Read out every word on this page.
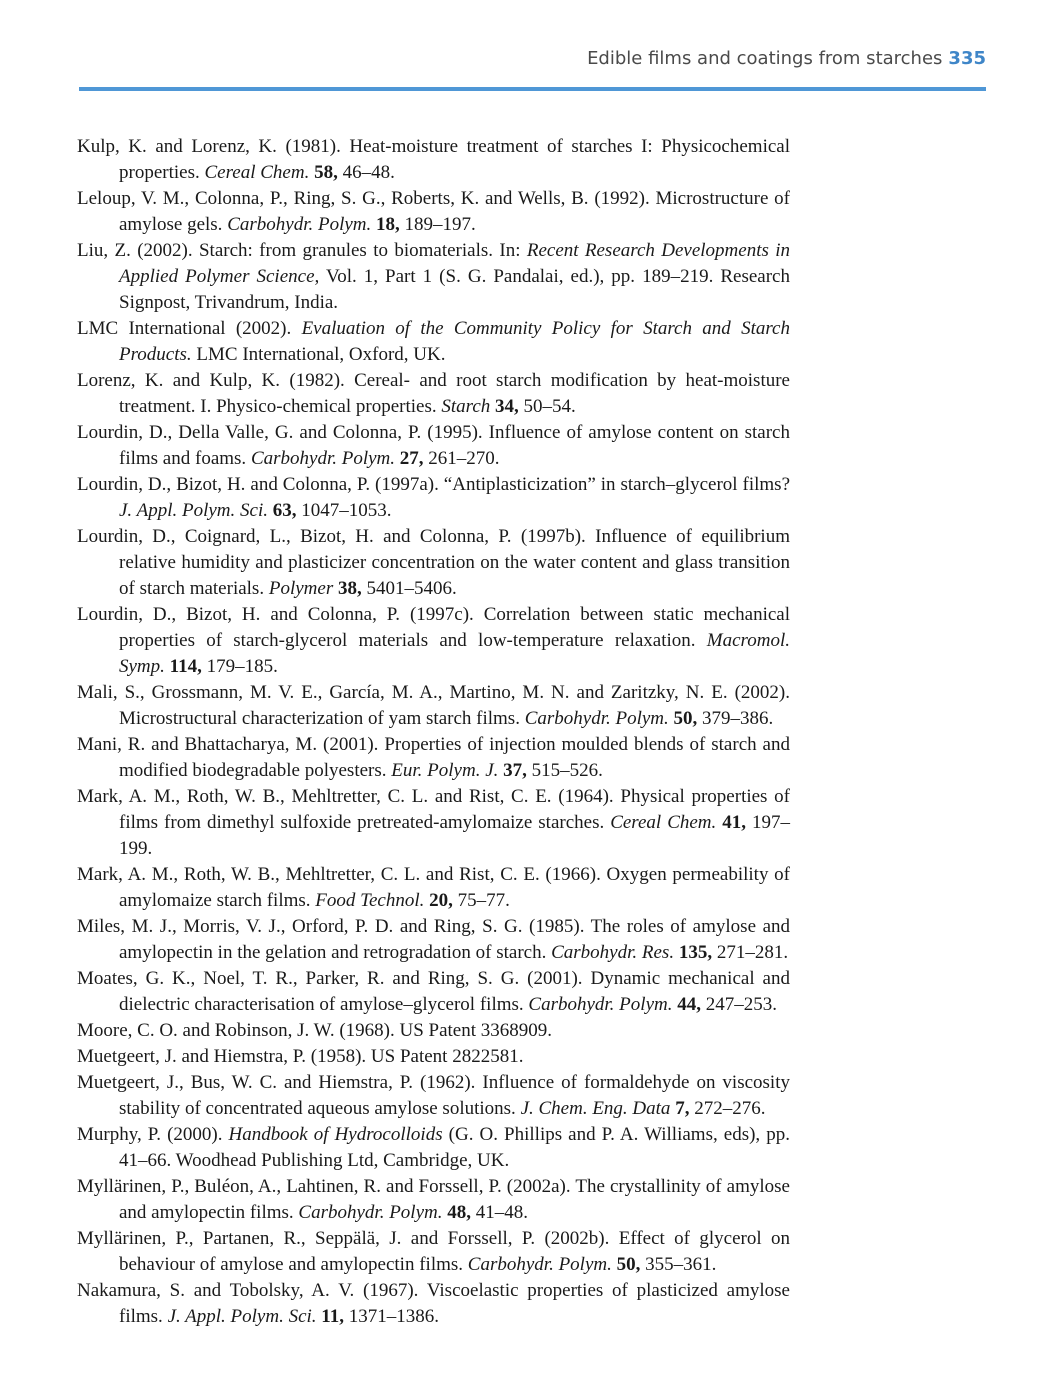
Edible films and coatings from starches 335

Kulp, K. and Lorenz, K. (1981). Heat-moisture treatment of starches I: Physicochemical properties. Cereal Chem. 58, 46–48.

Leloup, V. M., Colonna, P., Ring, S. G., Roberts, K. and Wells, B. (1992). Microstructure of amylose gels. Carbohydr. Polym. 18, 189–197.

Liu, Z. (2002). Starch: from granules to biomaterials. In: Recent Research Developments in Applied Polymer Science, Vol. 1, Part 1 (S. G. Pandalai, ed.), pp. 189–219. Research Signpost, Trivandrum, India.

LMC International (2002). Evaluation of the Community Policy for Starch and Starch Products. LMC International, Oxford, UK.

Lorenz, K. and Kulp, K. (1982). Cereal- and root starch modification by heat-moisture treatment. I. Physico-chemical properties. Starch 34, 50–54.

Lourdin, D., Della Valle, G. and Colonna, P. (1995). Influence of amylose content on starch films and foams. Carbohydr. Polym. 27, 261–270.

Lourdin, D., Bizot, H. and Colonna, P. (1997a). “Antiplasticization” in starch–glycerol films? J. Appl. Polym. Sci. 63, 1047–1053.

Lourdin, D., Coignard, L., Bizot, H. and Colonna, P. (1997b). Influence of equilibrium relative humidity and plasticizer concentration on the water content and glass transition of starch materials. Polymer 38, 5401–5406.

Lourdin, D., Bizot, H. and Colonna, P. (1997c). Correlation between static mechanical properties of starch-glycerol materials and low-temperature relaxation. Macromol. Symp. 114, 179–185.

Mali, S., Grossmann, M. V. E., García, M. A., Martino, M. N. and Zaritzky, N. E. (2002). Microstructural characterization of yam starch films. Carbohydr. Polym. 50, 379–386.

Mani, R. and Bhattacharya, M. (2001). Properties of injection moulded blends of starch and modified biodegradable polyesters. Eur. Polym. J. 37, 515–526.

Mark, A. M., Roth, W. B., Mehltretter, C. L. and Rist, C. E. (1964). Physical properties of films from dimethyl sulfoxide pretreated-amylomaize starches. Cereal Chem. 41, 197–199.

Mark, A. M., Roth, W. B., Mehltretter, C. L. and Rist, C. E. (1966). Oxygen permeability of amylomaize starch films. Food Technol. 20, 75–77.

Miles, M. J., Morris, V. J., Orford, P. D. and Ring, S. G. (1985). The roles of amylose and amylopectin in the gelation and retrogradation of starch. Carbohydr. Res. 135, 271–281.

Moates, G. K., Noel, T. R., Parker, R. and Ring, S. G. (2001). Dynamic mechanical and dielectric characterisation of amylose–glycerol films. Carbohydr. Polym. 44, 247–253.

Moore, C. O. and Robinson, J. W. (1968). US Patent 3368909.

Muetgeert, J. and Hiemstra, P. (1958). US Patent 2822581.

Muetgeert, J., Bus, W. C. and Hiemstra, P. (1962). Influence of formaldehyde on viscosity stability of concentrated aqueous amylose solutions. J. Chem. Eng. Data 7, 272–276.

Murphy, P. (2000). Handbook of Hydrocolloids (G. O. Phillips and P. A. Williams, eds), pp. 41–66. Woodhead Publishing Ltd, Cambridge, UK.

Myllärinen, P., Buléon, A., Lahtinen, R. and Forssell, P. (2002a). The crystallinity of amylose and amylopectin films. Carbohydr. Polym. 48, 41–48.

Myllärinen, P., Partanen, R., Seppälä, J. and Forssell, P. (2002b). Effect of glycerol on behaviour of amylose and amylopectin films. Carbohydr. Polym. 50, 355–361.

Nakamura, S. and Tobolsky, A. V. (1967). Viscoelastic properties of plasticized amylose films. J. Appl. Polym. Sci. 11, 1371–1386.
